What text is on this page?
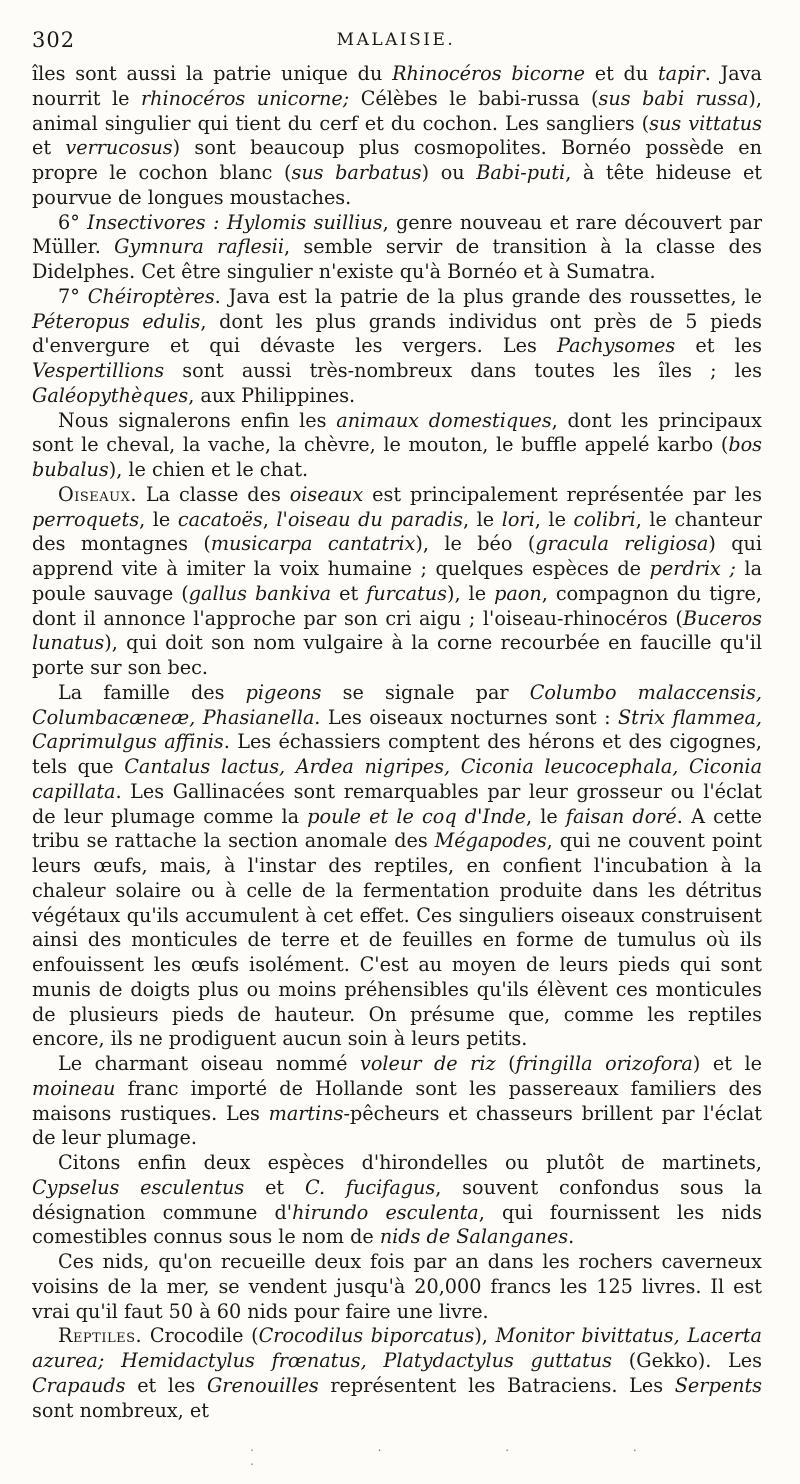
302	MALAISIE.

îles sont aussi la patrie unique du Rhinocéros bicorne et du tapir. Java nourrit le rhinocéros unicorne; Célèbes le babi-russa (sus babi russa), animal singulier qui tient du cerf et du cochon. Les sangliers (sus vittatus et verrucosus) sont beaucoup plus cosmopolites. Bornéo possède en propre le cochon blanc (sus barbatus) ou Babi-puti, à tête hideuse et pourvue de longues moustaches.

6° Insectivores : Hylomis suillius, genre nouveau et rare découvert par Müller. Gymnura raflesii, semble servir de transition à la classe des Didelphes. Cet être singulier n'existe qu'à Bornéo et à Sumatra.

7° Chéiroptères. Java est la patrie de la plus grande des roussettes, le Péteropus edulis, dont les plus grands individus ont près de 5 pieds d'envergure et qui dévaste les vergers. Les Pachysomes et les Vespertillions sont aussi très-nombreux dans toutes les îles ; les Galéopythèques, aux Philippines.

Nous signalerons enfin les animaux domestiques, dont les principaux sont le cheval, la vache, la chèvre, le mouton, le buffle appelé karbo (bos bubalus), le chien et le chat.

Oiseaux. La classe des oiseaux est principalement représentée par les perroquets, le cacatoës, l'oiseau du paradis, le lori, le colibri, le chanteur des montagnes (musicarpa cantatrix), le béo (gracula religiosa) qui apprend vite à imiter la voix humaine ; quelques espèces de perdrix ; la poule sauvage (gallus bankiva et furcatus), le paon, compagnon du tigre, dont il annonce l'approche par son cri aigu ; l'oiseau-rhinocéros (Buceros lunatus), qui doit son nom vulgaire à la corne recourbée en faucille qu'il porte sur son bec.

La famille des pigeons se signale par Columbo malaccensis, Columbacæneæ, Phasianella. Les oiseaux nocturnes sont : Strix flammea, Caprimulgus affinis. Les échassiers comptent des hérons et des cigognes, tels que Cantalus lactus, Ardea nigripes, Ciconia leucocephala, Ciconia capillata. Les Gallinacées sont remarquables par leur grosseur ou l'éclat de leur plumage comme la poule et le coq d'Inde, le faisan doré. A cette tribu se rattache la section anomale des Mégapodes, qui ne couvent point leurs œufs, mais, à l'instar des reptiles, en confient l'incubation à la chaleur solaire ou à celle de la fermentation produite dans les détritus végétaux qu'ils accumulent à cet effet. Ces singuliers oiseaux construisent ainsi des monticules de terre et de feuilles en forme de tumulus où ils enfouissent les œufs isolément. C'est au moyen de leurs pieds qui sont munis de doigts plus ou moins préhensibles qu'ils élèvent ces monticules de plusieurs pieds de hauteur. On présume que, comme les reptiles encore, ils ne prodiguent aucun soin à leurs petits.

Le charmant oiseau nommé voleur de riz (fringilla orizofora) et le moineau franc importé de Hollande sont les passereaux familiers des maisons rustiques. Les martins-pêcheurs et chasseurs brillent par l'éclat de leur plumage.

Citons enfin deux espèces d'hirondelles ou plutôt de martinets, Cypselus esculentus et C. fucifagus, souvent confondus sous la désignation commune d'hirundo esculenta, qui fournissent les nids comestibles connus sous le nom de nids de Salanganes.

Ces nids, qu'on recueille deux fois par an dans les rochers caverneux voisins de la mer, se vendent jusqu'à 20,000 francs les 125 livres. Il est vrai qu'il faut 50 à 60 nids pour faire une livre.

Reptiles. Crocodile (Crocodilus biporcatus), Monitor bivittatus, Lacerta azurea; Hemidactylus frœnatus, Platydactylus guttatus (Gekko). Les Crapauds et les Grenouilles représentent les Batraciens. Les Serpents sont nombreux, et

. . . . .
